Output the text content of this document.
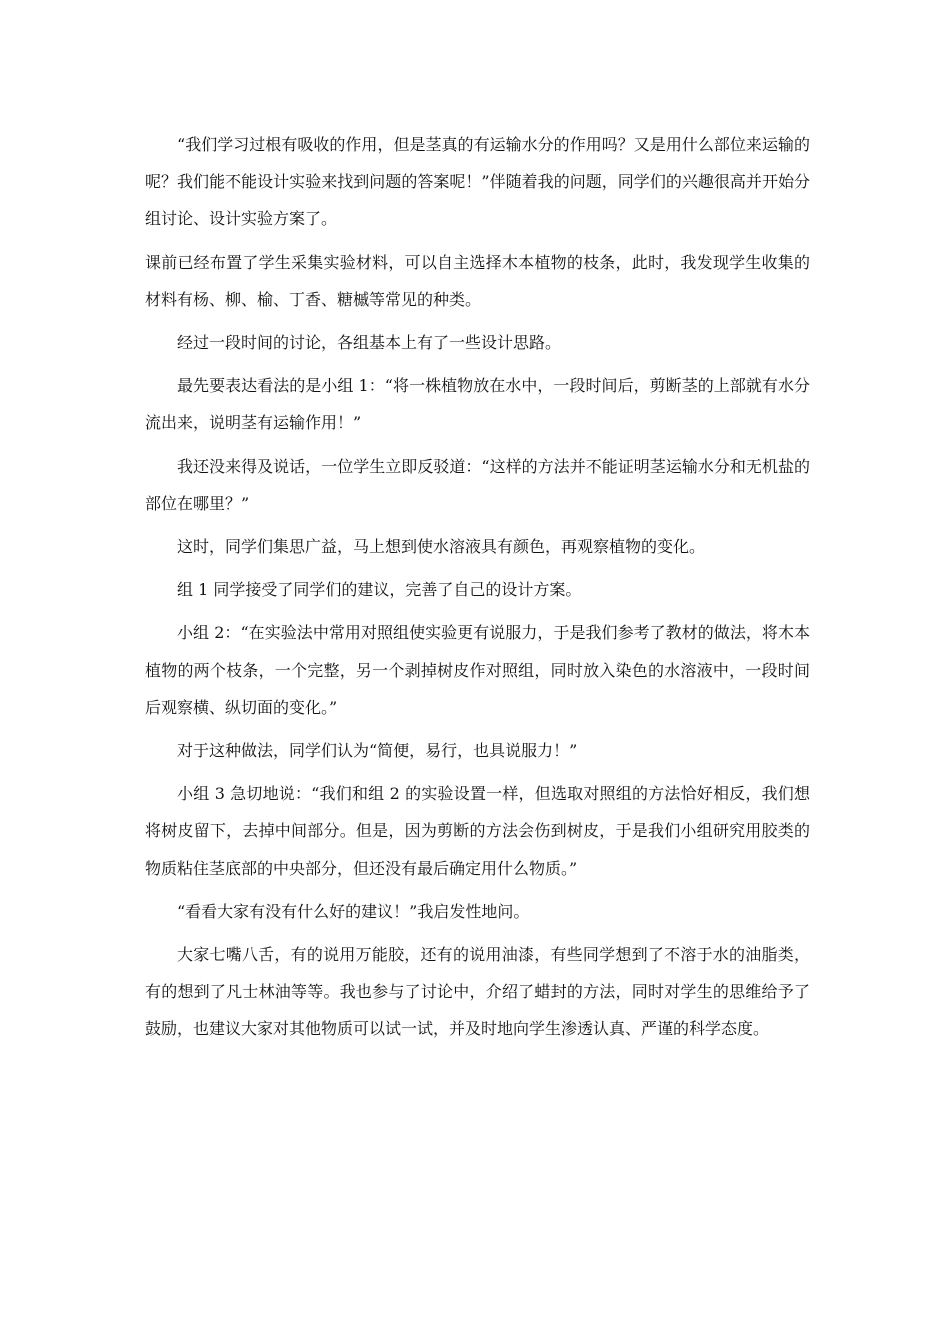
“我们学习过根有吸收的作用，但是茎真的有运输水分的作用吗？又是用什么部位来运输的呢？我们能不能设计实验来找到问题的答案呢！”伴随着我的问题，同学们的兴趣很高并开始分组讨论、设计实验方案了。

课前已经布置了学生采集实验材料，可以自主选择木本植物的枝条，此时，我发现学生收集的材料有杨、柳、榆、丁香、糖槭等常见的种类。

经过一段时间的讨论，各组基本上有了一些设计思路。

最先要表达看法的是小组 1：“将一株植物放在水中，一段时间后，剪断茎的上部就有水分流出来，说明茎有运输作用！”

我还没来得及说话，一位学生立即反驳道：“这样的方法并不能证明茎运输水分和无机盐的部位在哪里？”

这时，同学们集思广益，马上想到使水溶液具有颜色，再观察植物的变化。

组 1 同学接受了同学们的建议，完善了自己的设计方案。

小组 2：“在实验法中常用对照组使实验更有说服力，于是我们参考了教材的做法，将木本植物的两个枝条，一个完整，另一个剥掉树皮作对照组，同时放入染色的水溶液中，一段时间后观察横、纵切面的变化。”

对于这种做法，同学们认为“简便，易行，也具说服力！”

小组 3 急切地说：“我们和组 2 的实验设置一样，但选取对照组的方法恰好相反，我们想将树皮留下，去掉中间部分。但是，因为剪断的方法会伤到树皮，于是我们小组研究用胶类的物质粘住茎底部的中央部分，但还没有最后确定用什么物质。”

“看看大家有没有什么好的建议！”我启发性地问。

大家七嘴八舌，有的说用万能胶，还有的说用油漆，有些同学想到了不溶于水的油脂类，有的想到了凡士林油等等。我也参与了讨论中，介绍了蜡封的方法，同时对学生的思维给予了鼓励，也建议大家对其他物质可以试一试，并及时地向学生渗透认真、严谨的科学态度。
